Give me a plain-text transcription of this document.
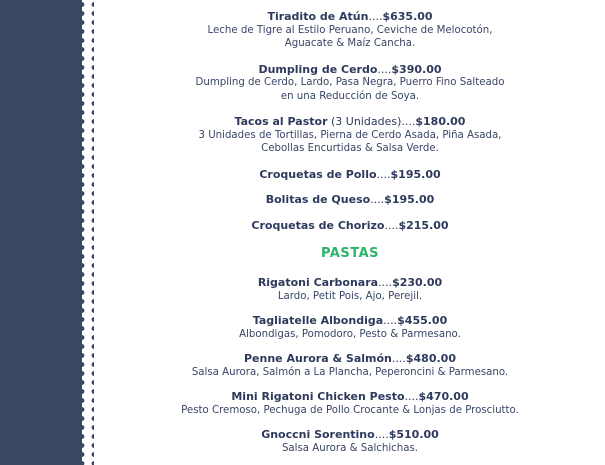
Tiradito de Atún....$635.00
Leche de Tigre al Estilo Peruano, Ceviche de Melocotón,
Aguacate & Maíz Cancha.
Dumpling de Cerdo....$390.00
Dumpling de Cerdo, Lardo, Pasa Negra, Puerro Fino Salteado
en una Reducción de Soya.
Tacos al Pastor (3 Unidades)....$180.00
3 Unidades de Tortillas, Pierna de Cerdo Asada, Piña Asada,
Cebollas Encurtidas & Salsa Verde.
Croquetas de Pollo....$195.00
Bolitas de Queso....$195.00
Croquetas de Chorizo....$215.00
PASTAS
Rigatoni Carbonara....$230.00
Lardo, Petit Pois, Ajo, Perejil.
Tagliatelle Albondiga....$455.00
Albondigas, Pomodoro, Pesto & Parmesano.
Penne Aurora & Salmón....$480.00
Salsa Aurora, Salmón a La Plancha, Peperoncini & Parmesano.
Mini Rigatoni Chicken Pesto....$470.00
Pesto Cremoso, Pechuga de Pollo Crocante & Lonjas de Prosciutto.
Gnoccni Sorentino....$510.00
Salsa Aurora & Salchichas.
